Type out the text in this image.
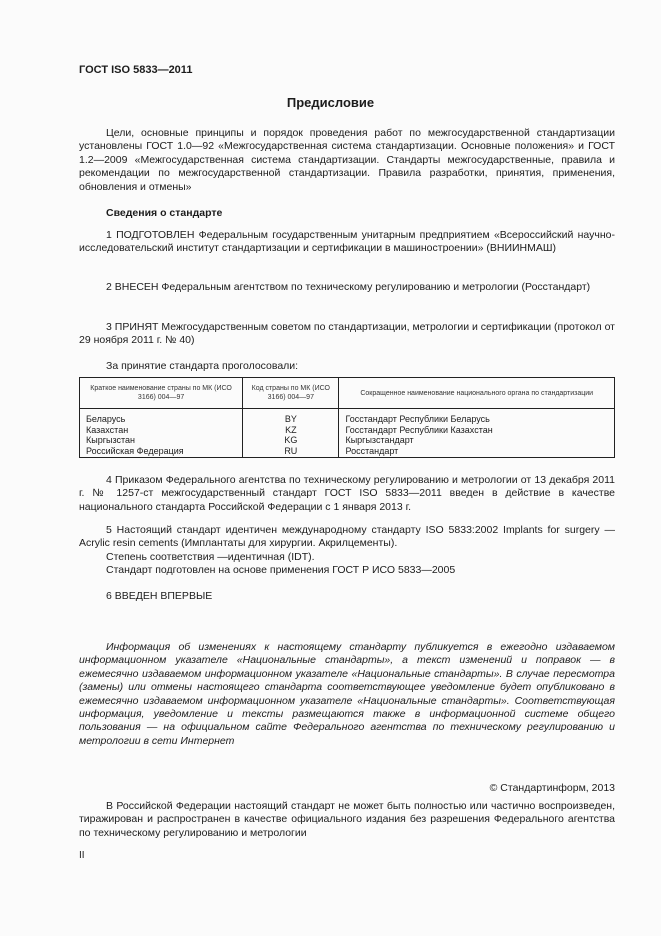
ГОСТ ISO 5833—2011
Предисловие

Цели, основные принципы и порядок проведения работ по межгосударственной стандартизации установлены ГОСТ 1.0—92 «Межгосударственная система стандартизации. Основные положения» и ГОСТ 1.2—2009 «Межгосударственная система стандартизации. Стандарты межгосударственные, правила и рекомендации по межгосударственной стандартизации. Правила разработки, принятия, применения, обновления и отмены»

Сведения о стандарте

1 ПОДГОТОВЛЕН Федеральным государственным унитарным предприятием «Всероссийский научно-исследовательский институт стандартизации и сертификации в машиностроении» (ВНИИНМАШ)

2 ВНЕСЕН Федеральным агентством по техническому регулированию и метрологии (Росстандарт)

3 ПРИНЯТ Межгосударственным советом по стандартизации, метрологии и сертификации (протокол от 29 ноября 2011 г. № 40)

За принятие стандарта проголосовали:
Краткое наименование страны по МК (ИСО 3166) 004—97	Код страны по МК (ИСО 3166) 004—97	Сокращенное наименование национального органа по стандартизации
Беларусь	BY	Госстандарт Республики Беларусь
Казахстан	KZ	Госстандарт Республики Казахстан
Кыргызстан	KG	Кыргызстандарт
Российская Федерация	RU	Росстандарт

4 Приказом Федерального агентства по техническому регулированию и метрологии от 13 декабря 2011 г. № 1257-ст межгосударственный стандарт ГОСТ ISO 5833—2011 введен в действие в качестве национального стандарта Российской Федерации с 1 января 2013 г.

5 Настоящий стандарт идентичен международному стандарту ISO 5833:2002 Implants for surgery — Acrylic resin cements (Имплантаты для хирургии. Акрилцементы).

Степень соответствия —идентичная (IDT).
Стандарт подготовлен на основе применения ГОСТ Р ИСО 5833—2005
6 ВВЕДЕН ВПЕРВЫЕ

Информация об изменениях к настоящему стандарту публикуется в ежегодно издаваемом информационном указателе «Национальные стандарты», а текст изменений и поправок — в ежемесячно издаваемом информационном указателе «Национальные стандарты». В случае пересмотра (замены) или отмены настоящего стандарта соответствующее уведомление будет опубликовано в ежемесячно издаваемом информационном указателе «Национальные стандарты». Соответствующая информация, уведомление и тексты размещаются также в информационной системе общего пользования — на официальном сайте Федерального агентства по техническому регулированию и метрологии в сети Интернет

© Стандартинформ, 2013

В Российской Федерации настоящий стандарт не может быть полностью или частично воспроизведен, тиражирован и распространен в качестве официального издания без разрешения Федерального агентства по техническому регулированию и метрологии

II
